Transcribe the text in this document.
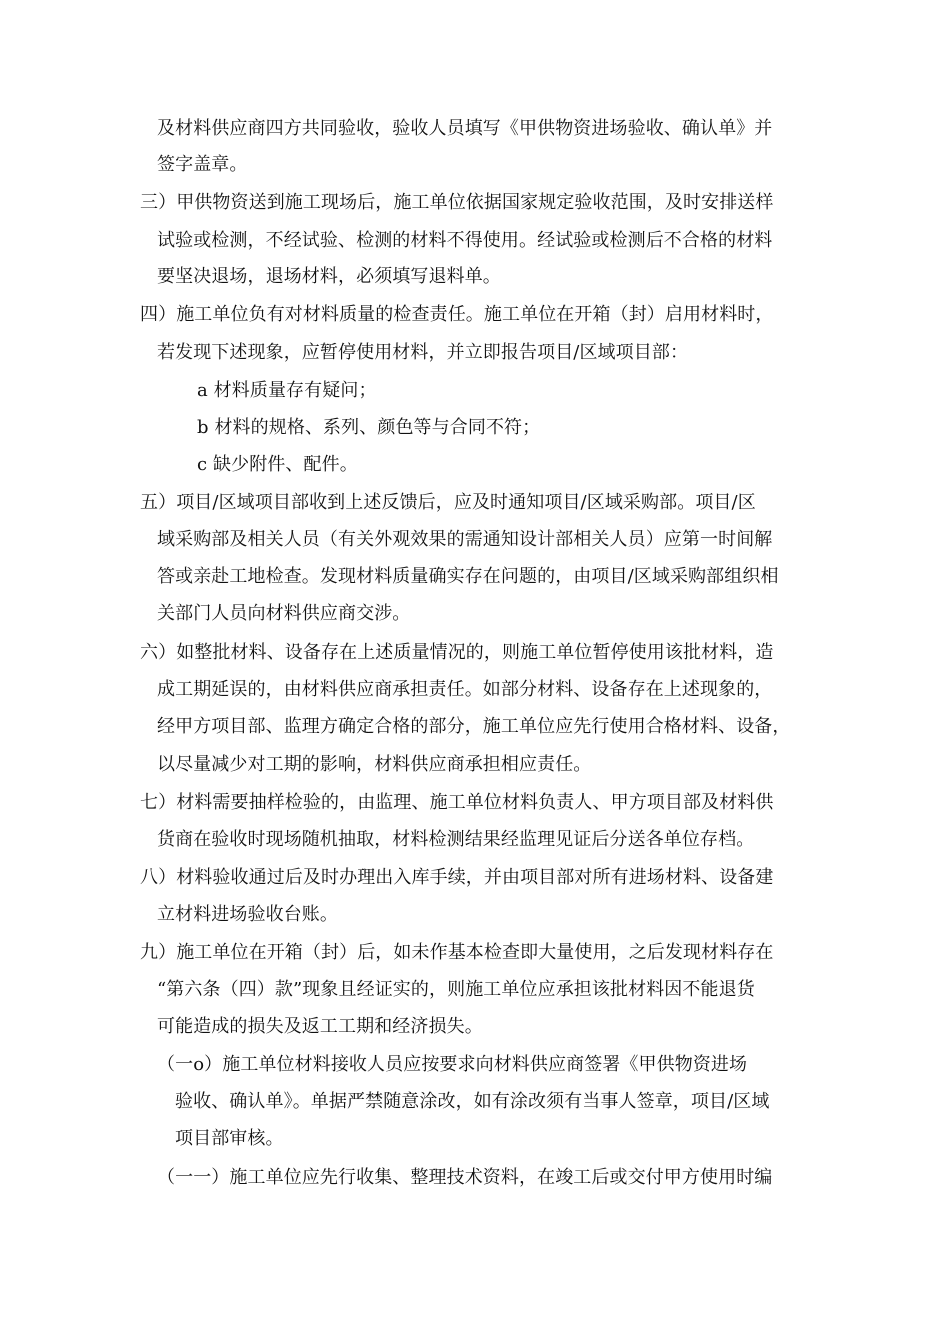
及材料供应商四方共同验收，验收人员填写《甲供物资进场验收、确认单》并
签字盖章。
三）甲供物资送到施工现场后，施工单位依据国家规定验收范围，及时安排送样
试验或检测，不经试验、检测的材料不得使用。经试验或检测后不合格的材料
要坚决退场，退场材料，必须填写退料单。
四）施工单位负有对材料质量的检查责任。施工单位在开箱（封）启用材料时，
若发现下述现象，应暂停使用材料，并立即报告项目/区域项目部：
a 材料质量存有疑问；
b 材料的规格、系列、颜色等与合同不符；
c 缺少附件、配件。
五）项目/区域项目部收到上述反馈后，应及时通知项目/区域采购部。项目/区
域采购部及相关人员（有关外观效果的需通知设计部相关人员）应第一时间解
答或亲赴工地检查。发现材料质量确实存在问题的，由项目/区域采购部组织相
关部门人员向材料供应商交涉。
六）如整批材料、设备存在上述质量情况的，则施工单位暂停使用该批材料，造
成工期延误的，由材料供应商承担责任。如部分材料、设备存在上述现象的，
经甲方项目部、监理方确定合格的部分，施工单位应先行使用合格材料、设备，
以尽量减少对工期的影响，材料供应商承担相应责任。
七）材料需要抽样检验的，由监理、施工单位材料负责人、甲方项目部及材料供
货商在验收时现场随机抽取，材料检测结果经监理见证后分送各单位存档。
八）材料验收通过后及时办理出入库手续，并由项目部对所有进场材料、设备建
立材料进场验收台账。
九）施工单位在开箱（封）后，如未作基本检查即大量使用，之后发现材料存在
“第六条（四）款”现象且经证实的，则施工单位应承担该批材料因不能退货
可能造成的损失及返工工期和经济损失。
（一o）施工单位材料接收人员应按要求向材料供应商签署《甲供物资进场
验收、确认单》。单据严禁随意涂改，如有涂改须有当事人签章，项目/区域
项目部审核。
（一一）施工单位应先行收集、整理技术资料，在竣工后或交付甲方使用时编
